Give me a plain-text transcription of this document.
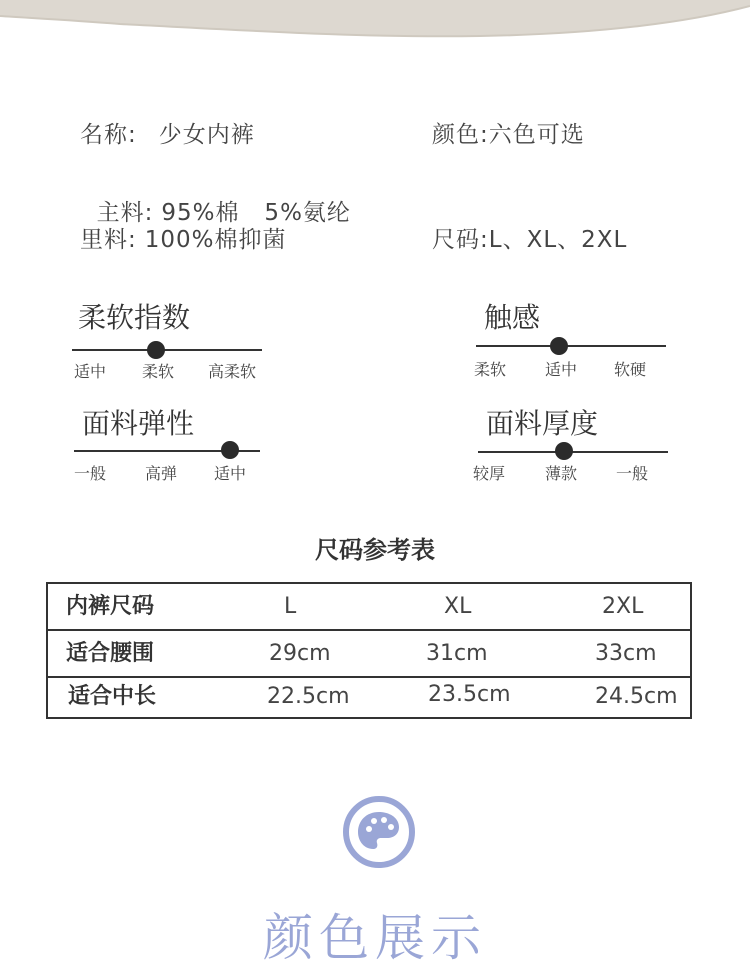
名称: 少女内裤	颜色:六色可选

主料: 95%棉   5%氨纶

里料: 100%棉抑菌	尺码:L、XL、2XL
柔软指数
适中 柔软 高柔软
触感
柔软 适中 软硬
面料弹性
一般 高弹 适中
面料厚度
较厚 薄款 一般
尺码参考表
内裤尺码	L	XL	2XL
适合腰围	29cm	31cm	33cm
适合中长	22.5cm	23.5cm	24.5cm
颜色展示
